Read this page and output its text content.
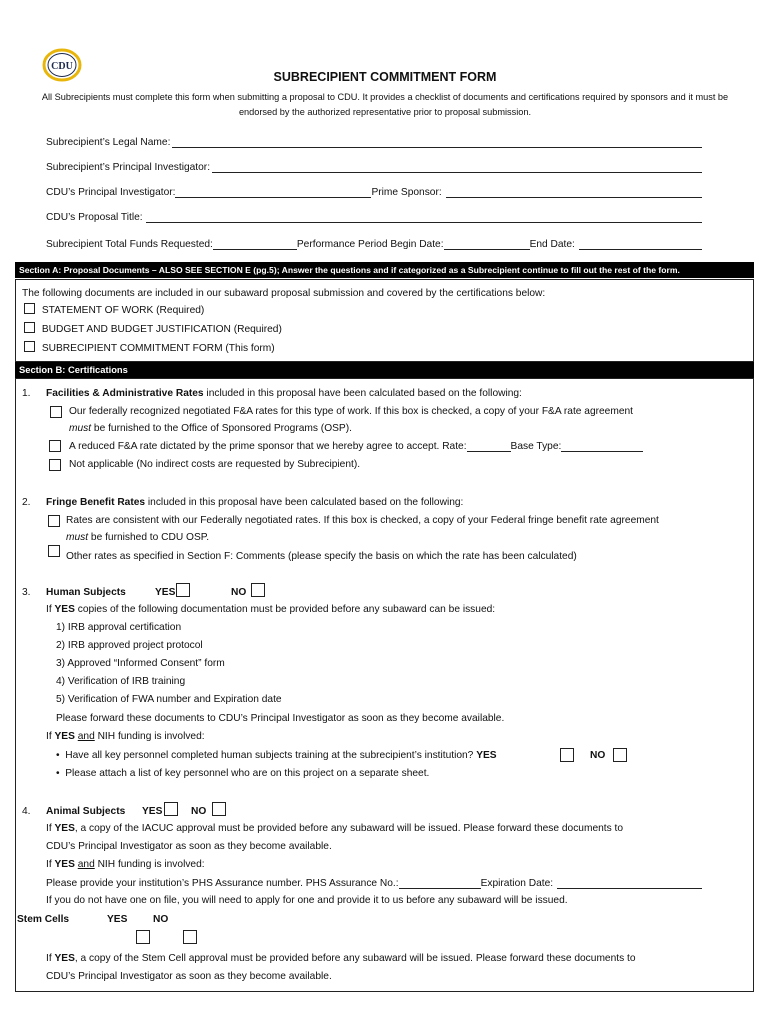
CDU
SUBRECIPIENT COMMITMENT FORM
All Subrecipients must complete this form when submitting a proposal to CDU. It provides a checklist of documents and certifications required by sponsors and it must be endorsed by the authorized representative prior to proposal submission.
Subrecipient’s Legal Name:
Subrecipient’s Principal Investigator:
CDU’s Principal Investigator:	Prime Sponsor:
CDU’s Proposal Title:
Subrecipient Total Funds Requested:	Performance Period Begin Date:	End Date:
Section A: Proposal Documents – ALSO SEE SECTION E (pg.5); Answer the questions and if categorized as a Subrecipient continue to fill out the rest of the form.
The following documents are included in our subaward proposal submission and covered by the certifications below:
STATEMENT OF WORK (Required)
BUDGET AND BUDGET JUSTIFICATION (Required)
SUBRECIPIENT COMMITMENT FORM (This form)
Section B: Certifications
1. Facilities & Administrative Rates included in this proposal have been calculated based on the following:
Our federally recognized negotiated F&A rates for this type of work. If this box is checked, a copy of your F&A rate agreement
must be furnished to the Office of Sponsored Programs (OSP).
A reduced F&A rate dictated by the prime sponsor that we hereby agree to accept. Rate:	Base Type:
Not applicable (No indirect costs are requested by Subrecipient).
2. Fringe Benefit Rates included in this proposal have been calculated based on the following:
Rates are consistent with our Federally negotiated rates. If this box is checked, a copy of your Federal fringe benefit rate agreement
must be furnished to CDU OSP.
Other rates as specified in Section F: Comments (please specify the basis on which the rate has been calculated)
3. Human Subjects	YES	NO
If YES copies of the following documentation must be provided before any subaward can be issued:
1) IRB approval certification
2) IRB approved project protocol
3) Approved “Informed Consent” form
4) Verification of IRB training
5) Verification of FWA number and Expiration date
Please forward these documents to CDU’s Principal Investigator as soon as they become available.
If YES and NIH funding is involved:
•  Have all key personnel completed human subjects training at the subrecipient’s institution? YES	NO
•  Please attach a list of key personnel who are on this project on a separate sheet.
4. Animal Subjects YES	NO
If YES, a copy of the IACUC approval must be provided before any subaward will be issued. Please forward these documents to
CDU’s Principal Investigator as soon as they become available.
If YES and NIH funding is involved:
Please provide your institution’s PHS Assurance number. PHS Assurance No.:	Expiration Date:
If you do not have one on file, you will need to apply for one and provide it to us before any subaward will be issued.
Stem Cells	YES	NO
If YES, a copy of the Stem Cell approval must be provided before any subaward will be issued. Please forward these documents to
CDU’s Principal Investigator as soon as they become available.
